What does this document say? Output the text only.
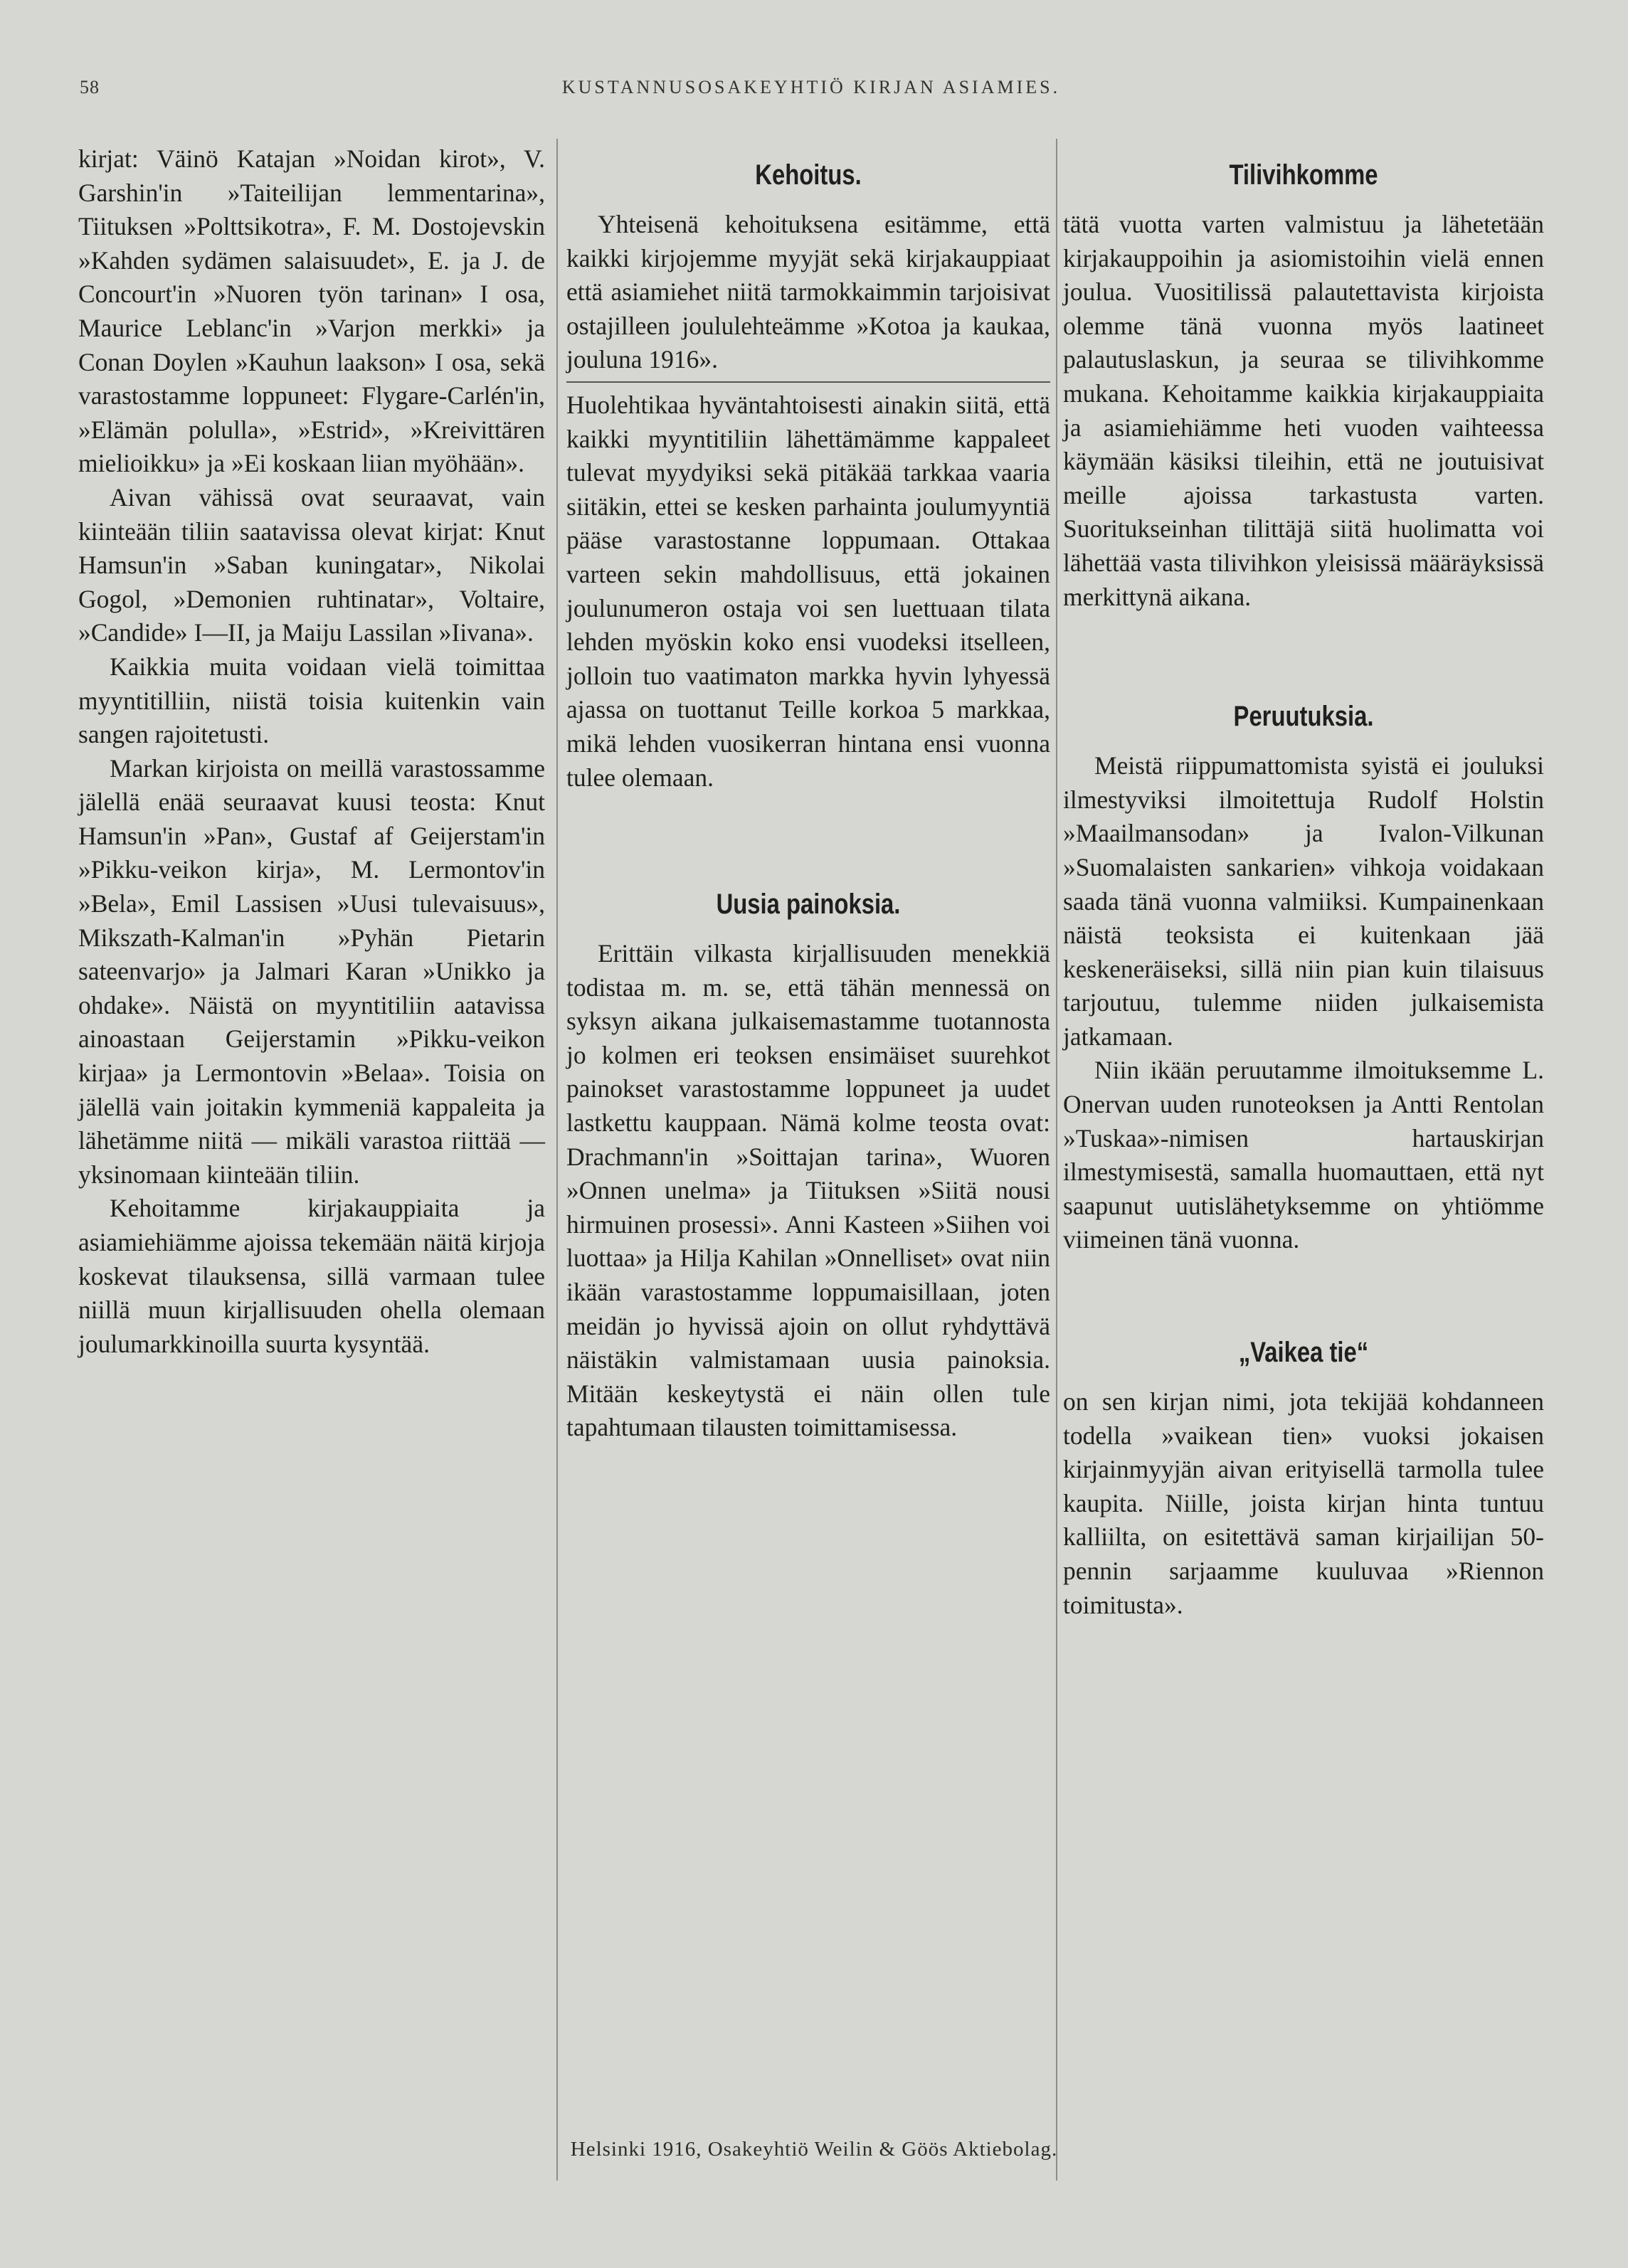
58	KUSTANNUSOSAKEYHTIÖ KIRJAN ASIAMIES.

kirjat: Väinö Katajan »Noidan kirot», V. Garshin'in »Taiteilijan lemmentarina», Tiituksen »Polttsikotra», F. M. Dostojevskin »Kahden sydämen salaisuudet», E. ja J. de Concourt'in »Nuoren työn tarinan» I osa, Maurice Leblanc'in »Varjon merkki» ja Conan Doylen »Kauhun laakson» I osa, sekä varastostamme loppuneet: Flygare-Carlén'in, »Elämän polulla», »Estrid», »Kreivittären mielioikku» ja »Ei koskaan liian myöhään».

Aivan vähissä ovat seuraavat, vain kiinteään tiliin saatavissa olevat kirjat: Knut Hamsun'in »Saban kuningatar», Nikolai Gogol, »Demonien ruhtinatar», Voltaire, »Candide» I—II, ja Maiju Lassilan »Iivana».

Kaikkia muita voidaan vielä toimittaa myyntitilliin, niistä toisia kuitenkin vain sangen rajoitetusti.

Markan kirjoista on meillä varastossamme jälellä enää seuraavat kuusi teosta: Knut Hamsun'in »Pan», Gustaf af Geijerstam'in »Pikku-veikon kirja», M. Lermontov'in »Bela», Emil Lassisen »Uusi tulevaisuus», Mikszath-Kalman'in »Pyhän Pietarin sateenvarjo» ja Jalmari Karan »Unikko ja ohdake». Näistä on myyntitiliin aatavissa ainoastaan Geijerstamin »Pikku-veikon kirjaa» ja Lermontovin »Belaa». Toisia on jälellä vain joitakin kymmeniä kappaleita ja lähetämme niitä — mikäli varastoa riittää — yksinomaan kiinteään tiliin.

Kehoitamme kirjakauppiaita ja asiamiehiämme ajoissa tekemään näitä kirjoja koskevat tilauksensa, sillä varmaan tulee niillä muun kirjallisuuden ohella olemaan joulumarkkinoilla suurta kysyntää.

Kehoitus.

Yhteisenä kehoituksena esitämme, että kaikki kirjojemme myyjät sekä kirjakauppiaat että asiamiehet niitä tarmokkaimmin tarjoisivat ostajilleen joululehteämme »Kotoa ja kaukaa, joulunа 1916».

Huolehtikaa hyväntahtoisesti ainakin siitä, että kaikki myyntitiliin lähettämämme kappaleet tulevat myydyiksi sekä pitäkää tarkkaa vaaria siitäkin, ettei se kesken parhainta joulumyyntiä pääse varastostanne loppumaan. Ottakaa varteen sekin mahdollisuus, että jokainen joulunumeron ostaja voi sen luettuaan tilata lehden myöskin koko ensi vuodeksi itselleen, jolloin tuo vaatimaton markka hyvin lyhyessä ajassa on tuottanut Teille korkoa 5 markkaa, mikä lehden vuosikerran hintana ensi vuonna tulee olemaan.

Uusia painoksia.

Erittäin vilkasta kirjallisuuden menekkiä todistaa m. m. se, että tähän mennessä on syksyn aikana julkaisemastamme tuotannosta jo kolmen eri teoksen ensimäiset suurehkot painokset varastostamme loppuneet ja uudet lastkettu kauppaan. Nämä kolme teosta ovat: Drachmann'in »Soittajan tarina», Wuoren »Onnen unelma» ja Tiituksen »Siitä nousi hirmuinen prosessi». Anni Kasteen »Siihen voi luottaa» ja Hilja Kahilan »Onnelliset» ovat niin ikään varastostamme loppumaisillaan, joten meidän jo hyvissä ajoin on ollut ryhdyttävä näistäkin valmistamaan uusia painoksia. Mitään keskeytystä ei näin ollen tule tapahtumaan tilausten toimittamisessa.

Tilivihkomme

tätä vuotta varten valmistuu ja lähetetään kirjakauppoihin ja asiomistoihin vielä ennen joulua. Vuositilissä palautettavista kirjoista olemme tänä vuonna myös laatineet palautuslaskun, ja seuraa se tilivihkomme mukana. Kehoitamme kaikkia kirjakauppiaita ja asiamiehiämme heti vuoden vaihteessa käymään käsiksi tileihin, että ne joutuisivat meille ajoissa tarkastusta varten. Suoritukseinhan tilittäjä siitä huolimatta voi lähettää vasta tilivihkon yleisissä määräyksissä merkittynä aikana.

Peruutuksia.

Meistä riippumattomista syistä ei jouluksi ilmestyviksi ilmoitettuja Rudolf Holstin »Maailmansodan» ja Ivalon-Vilkunan »Suomalaisten sankarien» vihkoja voidakaan saada tänä vuonna valmiiksi. Kumpainenkaan näistä teoksista ei kuitenkaan jää keskeneräiseksi, sillä niin pian kuin tilaisuus tarjoutuu, tulemme niiden julkaisemista jatkamaan.

Niin ikään peruutamme ilmoituksemme L. Onervan uuden runoteoksen ja Antti Rentolan »Tuskaa»-nimisen hartauskirjan ilmestymisestä, samalla huomauttaen, että nyt saapunut uutislähetyksemme on yhtiömme viimeinen tänä vuonna.

„Vaikea tie“

on sen kirjan nimi, jota tekijää kohdanneen todella »vaikean tien» vuoksi jokaisen kirjainmyyjän aivan erityisellä tarmolla tulee kaupita. Niille, joista kirjan hinta tuntuu kalliilta, on esitettävä saman kirjailijan 50-pennin sarjaamme kuuluvaa »Riennon toimitusta».

Helsinki 1916, Osakeyhtiö Weilin & Göös Aktiebolag.
